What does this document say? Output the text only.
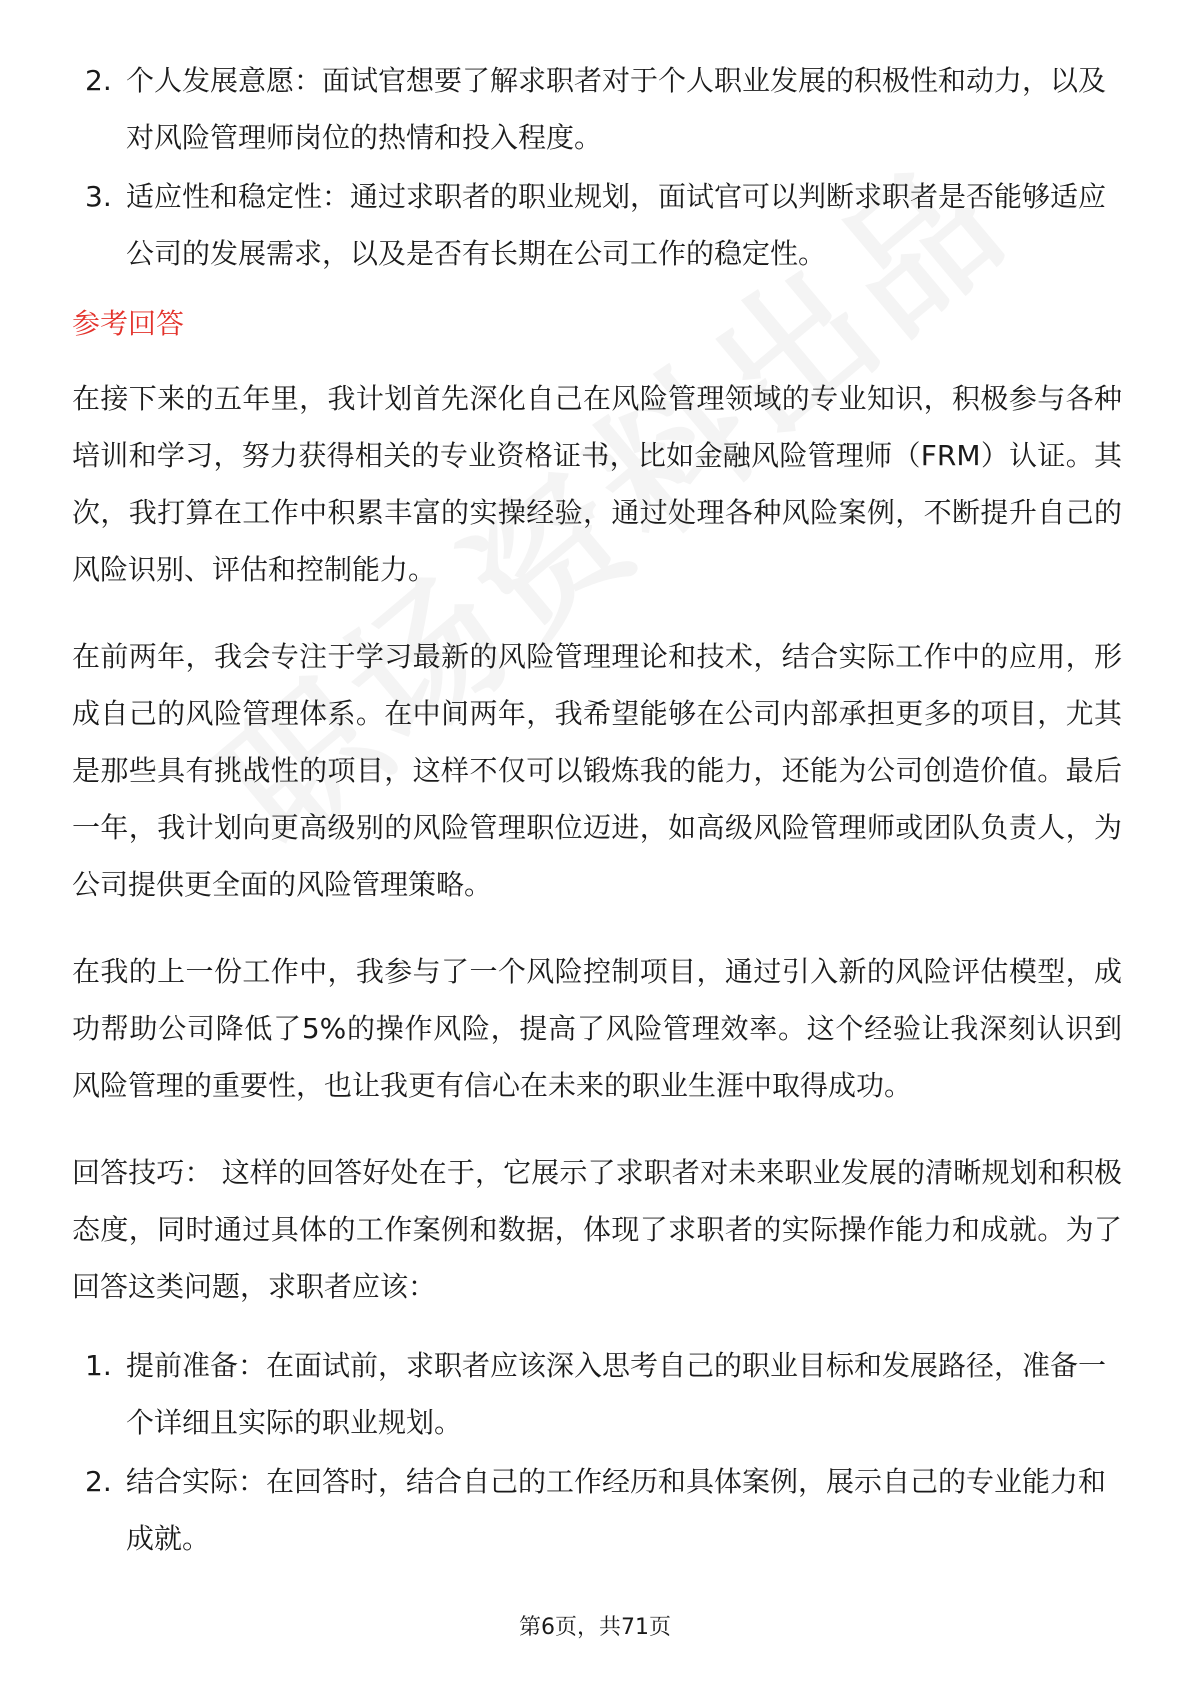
2. 个人发展意愿：面试官想要了解求职者对于个人职业发展的积极性和动力，以及对风险管理师岗位的热情和投入程度。
3. 适应性和稳定性：通过求职者的职业规划，面试官可以判断求职者是否能够适应公司的发展需求，以及是否有长期在公司工作的稳定性。
参考回答

在接下来的五年里，我计划首先深化自己在风险管理领域的专业知识，积极参与各种培训和学习，努力获得相关的专业资格证书，比如金融风险管理师（FRM）认证。其次，我打算在工作中积累丰富的实操经验，通过处理各种风险案例，不断提升自己的风险识别、评估和控制能力。

在前两年，我会专注于学习最新的风险管理理论和技术，结合实际工作中的应用，形成自己的风险管理体系。在中间两年，我希望能够在公司内部承担更多的项目，尤其是那些具有挑战性的项目，这样不仅可以锻炼我的能力，还能为公司创造价值。最后一年，我计划向更高级别的风险管理职位迈进，如高级风险管理师或团队负责人，为公司提供更全面的风险管理策略。

在我的上一份工作中，我参与了一个风险控制项目，通过引入新的风险评估模型，成功帮助公司降低了5%的操作风险，提高了风险管理效率。这个经验让我深刻认识到风险管理的重要性，也让我更有信心在未来的职业生涯中取得成功。

回答技巧： 这样的回答好处在于，它展示了求职者对未来职业发展的清晰规划和积极态度，同时通过具体的工作案例和数据，体现了求职者的实际操作能力和成就。为了回答这类问题，求职者应该：

1. 提前准备：在面试前，求职者应该深入思考自己的职业目标和发展路径，准备一个详细且实际的职业规划。
2. 结合实际：在回答时，结合自己的工作经历和具体案例，展示自己的专业能力和成就。
第6页，共71页
